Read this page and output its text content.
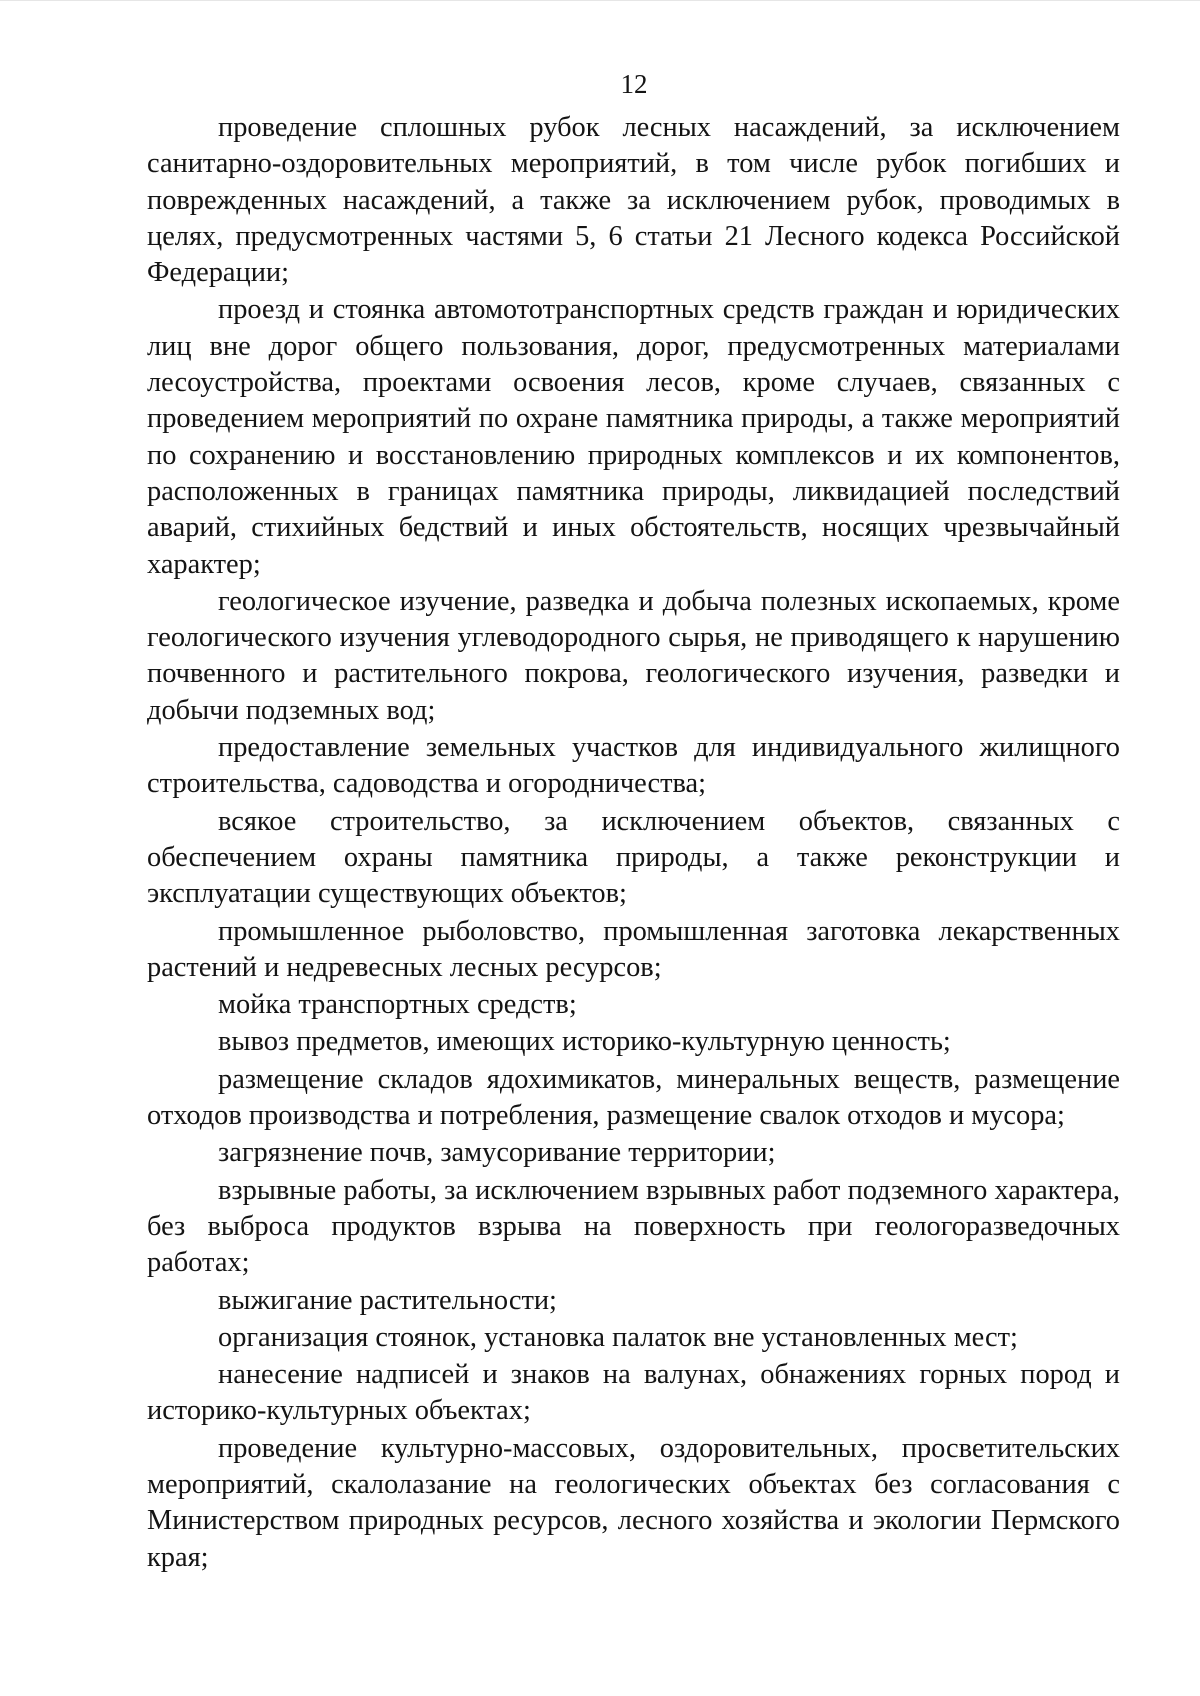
12

проведение сплошных рубок лесных насаждений, за исключением санитарно-оздоровительных мероприятий, в том числе рубок погибших и поврежденных насаждений, а также за исключением рубок, проводимых в целях, предусмотренных частями 5, 6 статьи 21 Лесного кодекса Российской Федерации;

проезд и стоянка автомототранспортных средств граждан и юридических лиц вне дорог общего пользования, дорог, предусмотренных материалами лесоустройства, проектами освоения лесов, кроме случаев, связанных с проведением мероприятий по охране памятника природы, а также мероприятий по сохранению и восстановлению природных комплексов и их компонентов, расположенных в границах памятника природы, ликвидацией последствий аварий, стихийных бедствий и иных обстоятельств, носящих чрезвычайный характер;

геологическое изучение, разведка и добыча полезных ископаемых, кроме геологического изучения углеводородного сырья, не приводящего к нарушению почвенного и растительного покрова, геологического изучения, разведки и добычи подземных вод;

предоставление земельных участков для индивидуального жилищного строительства, садоводства и огородничества;

всякое строительство, за исключением объектов, связанных с обеспечением охраны памятника природы, а также реконструкции и эксплуатации существующих объектов;

промышленное рыболовство, промышленная заготовка лекарственных растений и недревесных лесных ресурсов;

мойка транспортных средств;

вывоз предметов, имеющих историко-культурную ценность;

размещение складов ядохимикатов, минеральных веществ, размещение отходов производства и потребления, размещение свалок отходов и мусора;

загрязнение почв, замусоривание территории;

взрывные работы, за исключением взрывных работ подземного характера, без выброса продуктов взрыва на поверхность при геологоразведочных работах;

выжигание растительности;

организация стоянок, установка палаток вне установленных мест;

нанесение надписей и знаков на валунах, обнажениях горных пород и историко-культурных объектах;

проведение культурно-массовых, оздоровительных, просветительских мероприятий, скалолазание на геологических объектах без согласования с Министерством природных ресурсов, лесного хозяйства и экологии Пермского края;
